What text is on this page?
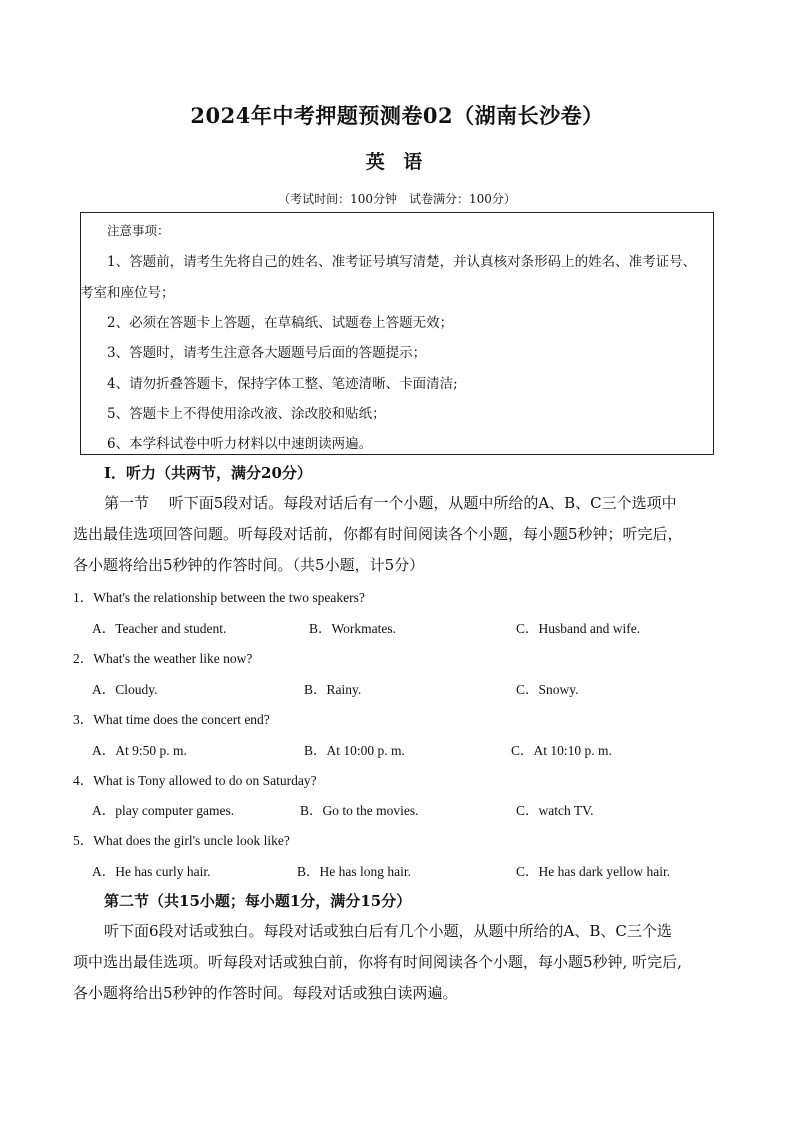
2024年中考押题预测卷02（湖南长沙卷）
英 语
（考试时间：100分钟　试卷满分：100分）
注意事项：
1、答题前，请考生先将自己的姓名、准考证号填写清楚，并认真核对条形码上的姓名、准考证号、
考室和座位号；
2、必须在答题卡上答题，在草稿纸、试题卷上答题无效；
3、答题时，请考生注意各大题题号后面的答题提示；
4、请勿折叠答题卡，保持字体工整、笔迹清晰、卡面清洁;
5、答题卡上不得使用涂改液、涂改胶和贴纸；
6、本学科试卷中听力材料以中速朗读两遍。
I．听力（共两节，满分20分）
第一节　 听下面5段对话。每段对话后有一个小题，从题中所给的A、B、C三个选项中
选出最佳选项回答问题。听每段对话前，你都有时间阅读各个小题，每小题5秒钟；听完后，
各小题将给出5秒钟的作答时间。（共5小题，计5分）
1．What's the relationship between the two speakers?
A．Teacher and student.	B．Workmates.	C．Husband and wife.
2．What's the weather like now?
A．Cloudy.	B．Rainy.	C．Snowy.
3．What time does the concert end?
A．At 9:50 p. m.	B．At 10:00 p. m.	C．At 10:10 p. m.
4．What is Tony allowed to do on Saturday?
A．play computer games.	B．Go to the movies.	C．watch TV.
5．What does the girl's uncle look like?
A．He has curly hair.	B．He has long hair.	C．He has dark yellow hair.
第二节（共15小题；每小题1分，满分15分）
听下面6段对话或独白。每段对话或独白后有几个小题，从题中所给的A、B、C三个选
项中选出最佳选项。听每段对话或独白前，你将有时间阅读各个小题，每小题5秒钟, 听完后,
各小题将给出5秒钟的作答时间。每段对话或独白读两遍。
